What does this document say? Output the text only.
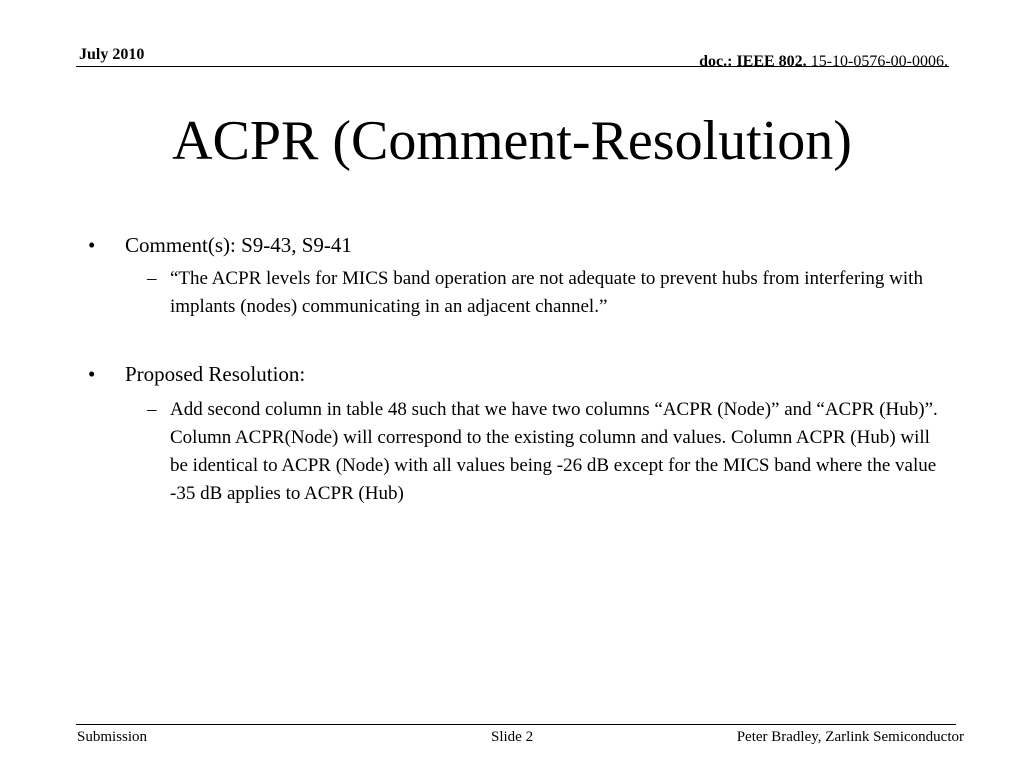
July 2010	doc.: IEEE 802. 15-10-0576-00-0006.
ACPR (Comment-Resolution)
• Comment(s): S9-43, S9-41
– “The ACPR levels for MICS band operation are not adequate to prevent hubs from interfering with implants (nodes) communicating in an adjacent channel.”
• Proposed Resolution:
– Add second column in table 48 such that we have two columns “ACPR (Node)” and “ACPR (Hub)”. Column ACPR(Node) will correspond to the existing column and values. Column ACPR (Hub) will be identical to ACPR (Node) with all values being -26 dB except for the MICS band where the value -35 dB applies to ACPR (Hub)
Submission	Slide 2	Peter Bradley, Zarlink Semiconductor
